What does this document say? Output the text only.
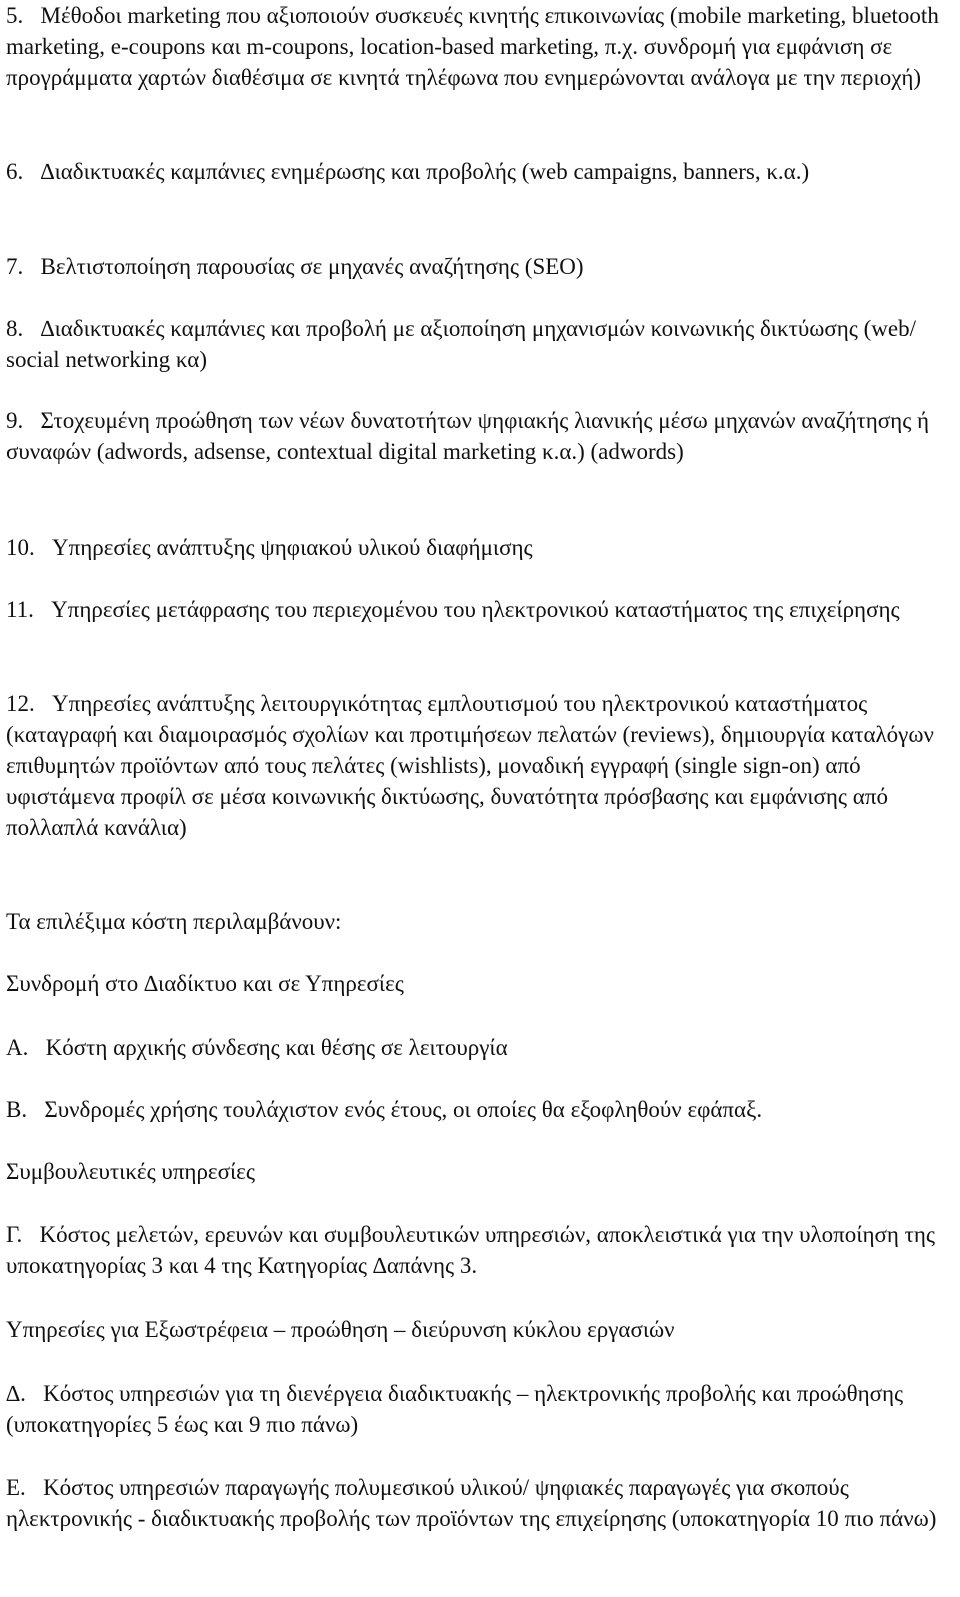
5. Μέθοδοι marketing που αξιοποιούν συσκευές κινητής επικοινωνίας (mobile marketing, bluetooth marketing, e-coupons και m-coupons, location-based marketing, π.χ. συνδρομή για εμφάνιση σε προγράμματα χαρτών διαθέσιμα σε κινητά τηλέφωνα που ενημερώνονται ανάλογα με την περιοχή)
6. ∆ιαδικτυακές καμπάνιες ενημέρωσης και προβολής (web campaigns, banners, κ.α.)
7. Βελτιστοποίηση παρουσίας σε μηχανές αναζήτησης (SEO)
8. ∆ιαδικτυακές καμπάνιες και προβολή με αξιοποίηση μηχανισμών κοινωνικής δικτύωσης (web/ social networking κα)
9. Στοχευμένη προώθηση των νέων δυνατοτήτων ψηφιακής λιανικής μέσω μηχανών αναζήτησης ή συναφών (adwords, adsense, contextual digital marketing κ.α.) (adwords)
10. Υπηρεσίες ανάπτυξης ψηφιακού υλικού διαφήμισης
11. Υπηρεσίες μετάφρασης του περιεχομένου του ηλεκτρονικού καταστήματος της επιχείρησης
12. Υπηρεσίες ανάπτυξης λειτουργικότητας εμπλουτισμού του ηλεκτρονικού καταστήματος (καταγραφή και διαμοιρασμός σχολίων και προτιμήσεων πελατών (reviews), δημιουργία καταλόγων επιθυμητών προϊόντων από τους πελάτες (wishlists), μοναδική εγγραφή (single sign-on) από υφιστάμενα προφίλ σε μέσα κοινωνικής δικτύωσης, δυνατότητα πρόσβασης και εμφάνισης από πολλαπλά κανάλια)
Τα επιλέξιμα κόστη περιλαμβάνουν:
Συνδρομή στο ∆ιαδίκτυο και σε Υπηρεσίες
Α. Κόστη αρχικής σύνδεσης και θέσης σε λειτουργία
Β. Συνδρομές χρήσης τουλάχιστον ενός έτους, οι οποίες θα εξοφληθούν εφάπαξ.
Συμβουλευτικές υπηρεσίες
Γ. Κόστος μελετών, ερευνών και συμβουλευτικών υπηρεσιών, αποκλειστικά για την υλοποίηση της υποκατηγορίας 3 και 4 της Κατηγορίας ∆απάνης 3.
Υπηρεσίες για Εξωστρέφεια – προώθηση – διεύρυνση κύκλου εργασιών
∆. Κόστος υπηρεσιών για τη διενέργεια διαδικτυακής – ηλεκτρονικής προβολής και προώθησης (υποκατηγορίες 5 έως και 9 πιο πάνω)
Ε. Κόστος υπηρεσιών παραγωγής πολυμεσικού υλικού/ ψηφιακές παραγωγές για σκοπούς ηλεκτρονικής - διαδικτυακής προβολής των προϊόντων της επιχείρησης (υποκατηγορία 10 πιο πάνω)
